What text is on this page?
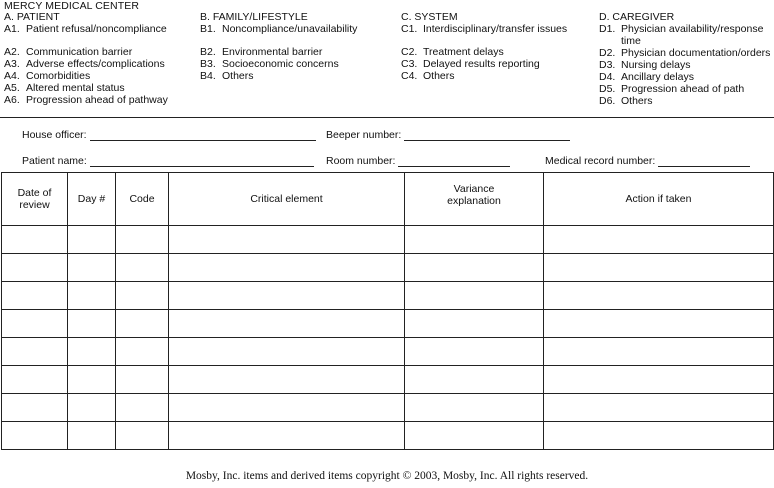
MERCY MEDICAL CENTER
A. PATIENT
A1. Patient refusal/noncompliance
A2. Communication barrier
A3. Adverse effects/complications
A4. Comorbidities
A5. Altered mental status
A6. Progression ahead of pathway
B. FAMILY/LIFESTYLE
B1. Noncompliance/unavailability
B2. Environmental barrier
B3. Socioeconomic concerns
B4. Others
C. SYSTEM
C1. Interdisciplinary/transfer issues
C2. Treatment delays
C3. Delayed results reporting
C4. Others
D. CAREGIVER
D1. Physician availability/response
time
D2. Physician documentation/orders
D3. Nursing delays
D4. Ancillary delays
D5. Progression ahead of path
D6. Others
House officer:	Beeper number:
Patient name:	Room number:	Medical record number:
Date of
review	Day #	Code	Critical element	Variance
explanation	Action if taken

Mosby, Inc. items and derived items copyright © 2003, Mosby, Inc. All rights reserved.
